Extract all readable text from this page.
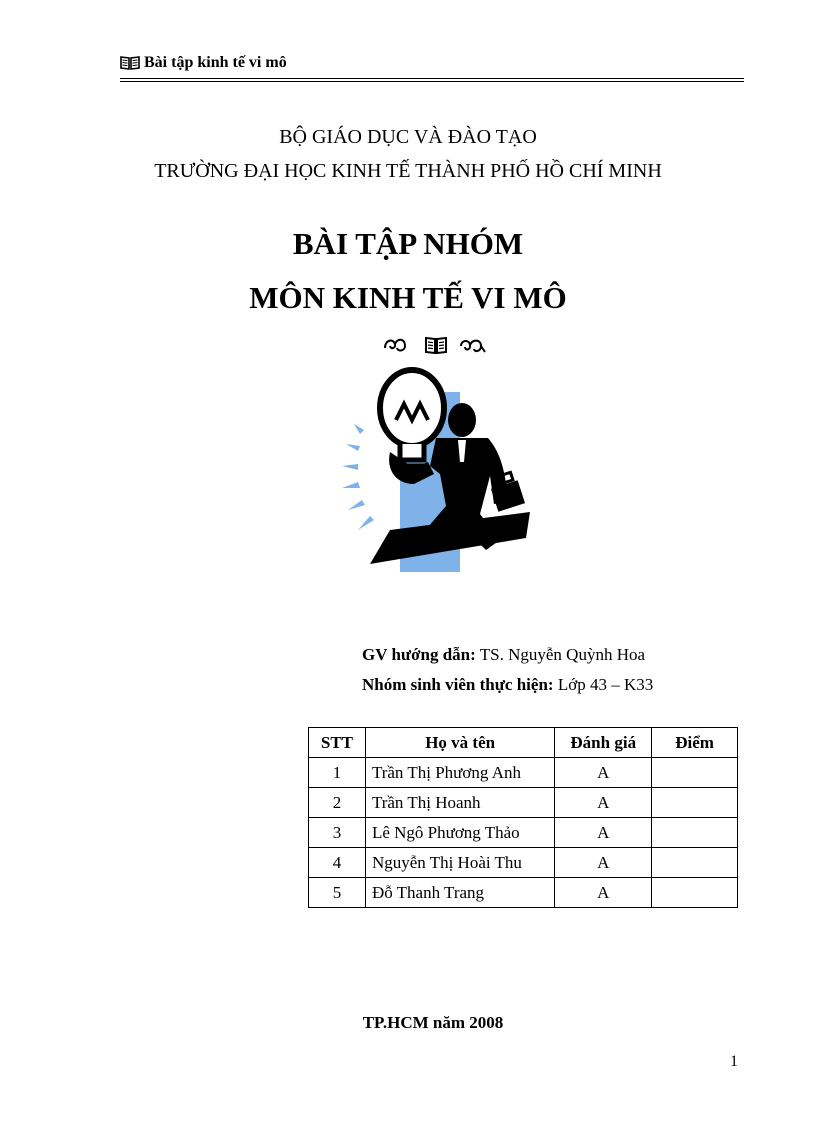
Bài tập kinh tế vi mô
BỘ GIÁO DỤC VÀ ĐÀO TẠO
TRƯỜNG ĐẠI HỌC KINH TẾ THÀNH PHỐ HỒ CHÍ MINH
BÀI TẬP NHÓM
MÔN KINH TẾ VI MÔ
GV hướng dẫn: TS. Nguyễn Quỳnh Hoa
Nhóm sinh viên thực hiện: Lớp 43 – K33
STT	Họ và tên	Đánh giá	Điểm
1	Trần Thị Phương Anh	A	
2	Trần Thị Hoanh	A	
3	Lê Ngô Phương Thảo	A	
4	Nguyễn Thị Hoài Thu	A	
5	Đỗ Thanh Trang	A	
TP.HCM năm 2008
1
